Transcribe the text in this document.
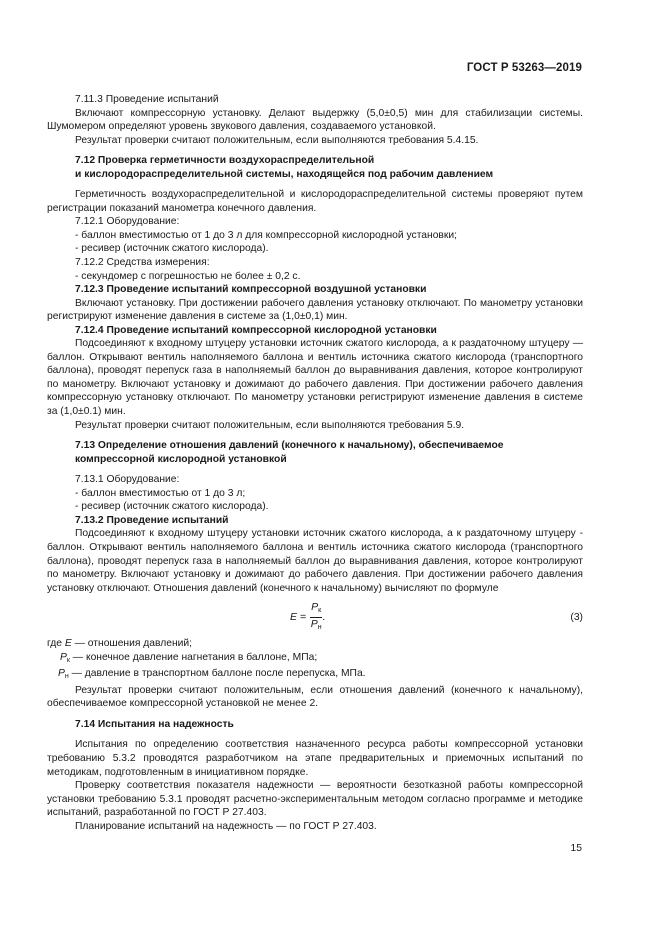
ГОСТ Р 53263—2019

7.11.3 Проведение испытаний

Включают компрессорную установку. Делают выдержку (5,0±0,5) мин для стабилизации системы. Шумомером определяют уровень звукового давления, создаваемого установкой.

Результат проверки считают положительным, если выполняются требования 5.4.15.

7.12 Проверка герметичности воздухораспределительной

и кислородораспределительной системы, находящейся под рабочим давлением

Герметичность воздухораспределительной и кислородораспределительной системы проверяют путем регистрации показаний манометра конечного давления.

7.12.1 Оборудование:

- баллон вместимостью от 1 до 3 л для компрессорной кислородной установки;

- ресивер (источник сжатого кислорода).

7.12.2 Средства измерения:

- секундомер с погрешностью не более ± 0,2 с.

7.12.3 Проведение испытаний компрессорной воздушной установки

Включают установку. При достижении рабочего давления установку отключают. По манометру установки регистрируют изменение давления в системе за (1,0±0,1) мин.

7.12.4 Проведение испытаний компрессорной кислородной установки

Подсоединяют к входному штуцеру установки источник сжатого кислорода, а к раздаточному штуцеру — баллон. Открывают вентиль наполняемого баллона и вентиль источника сжатого кислорода (транспортного баллона), проводят перепуск газа в наполняемый баллон до выравнивания давления, которое контролируют по манометру. Включают установку и дожимают до рабочего давления. При достижении рабочего давления компрессорную установку отключают. По манометру установки регистрируют изменение давления в системе за (1,0±0.1) мин.

Результат проверки считают положительным, если выполняются требования 5.9.

7.13 Определение отношения давлений (конечного к начальному), обеспечиваемое

компрессорной кислородной установкой

7.13.1 Оборудование:

- баллон вместимостью от 1 до 3 л;

- ресивер (источник сжатого кислорода).

7.13.2 Проведение испытаний

Подсоединяют к входному штуцеру установки источник сжатого кислорода, а к раздаточному штуцеру - баллон. Открывают вентиль наполняемого баллона и вентиль источника сжатого кислорода (транспортного баллона), проводят перепуск газа в наполняемый баллон до выравнивания давления, которое контролируют по манометру. Включают установку и дожимают до рабочего давления. При достижении рабочего давления установку отключают. Отношения давлений (конечного к начальному) вычисляют по формуле

$E = \frac{P_к}{P_н}$ .	(3)

где E — отношения давлений;

$P_к$ — конечное давление нагнетания в баллоне, МПа;

$P_н$ — давление в транспортном баллоне после перепуска, МПа.

Результат проверки считают положительным, если отношения давлений (конечного к начальному), обеспечиваемое компрессорной установкой не менее 2.

7.14 Испытания на надежность

Испытания по определению соответствия назначенного ресурса работы компрессорной установки требованию 5.3.2 проводятся разработчиком на этапе предварительных и приемочных испытаний по методикам, подготовленным в инициативном порядке.

Проверку соответствия показателя надежности — вероятности безотказной работы компрессорной установки требованию 5.3.1 проводят расчетно-экспериментальным методом согласно программе и методике испытаний, разработанной по ГОСТ Р 27.403.

Планирование испытаний на надежность — по ГОСТ Р 27.403.

15
